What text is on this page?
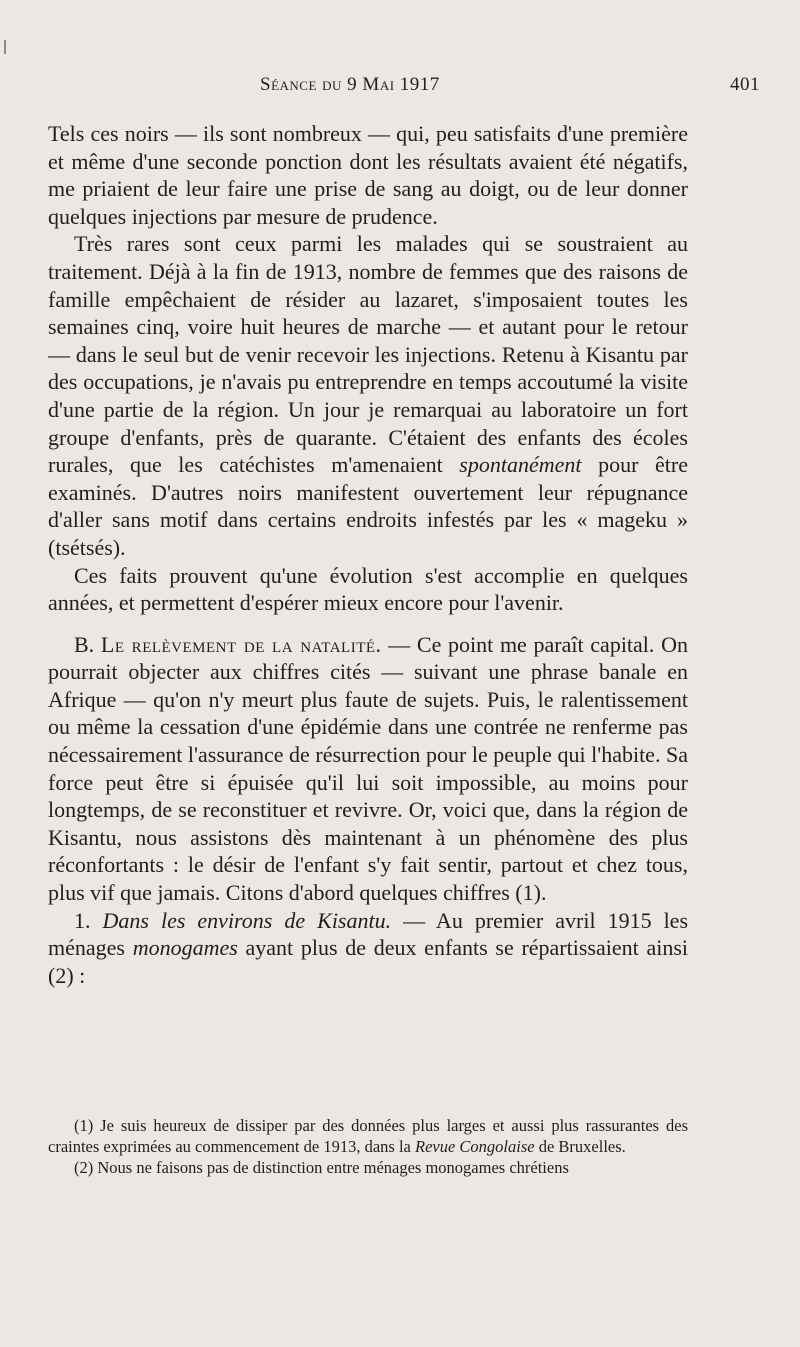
Séance du 9 Mai 1917	401

Tels ces noirs — ils sont nombreux — qui, peu satisfaits d'une première et même d'une seconde ponction dont les résultats avaient été négatifs, me priaient de leur faire une prise de sang au doigt, ou de leur donner quelques injections par mesure de prudence.

Très rares sont ceux parmi les malades qui se soustraient au traitement. Déjà à la fin de 1913, nombre de femmes que des raisons de famille empêchaient de résider au lazaret, s'imposaient toutes les semaines cinq, voire huit heures de marche — et autant pour le retour — dans le seul but de venir recevoir les injections. Retenu à Kisantu par des occupations, je n'avais pu entreprendre en temps accoutumé la visite d'une partie de la région. Un jour je remarquai au laboratoire un fort groupe d'enfants, près de quarante. C'étaient des enfants des écoles rurales, que les catéchistes m'amenaient spontanément pour être examinés. D'autres noirs manifestent ouvertement leur répugnance d'aller sans motif dans certains endroits infestés par les « mageku » (tsétsés).

Ces faits prouvent qu'une évolution s'est accomplie en quelques années, et permettent d'espérer mieux encore pour l'avenir.

B. Le relèvement de la natalité. — Ce point me paraît capital. On pourrait objecter aux chiffres cités — suivant une phrase banale en Afrique — qu'on n'y meurt plus faute de sujets. Puis, le ralentissement ou même la cessation d'une épidémie dans une contrée ne renferme pas nécessairement l'assurance de résurrection pour le peuple qui l'habite. Sa force peut être si épuisée qu'il lui soit impossible, au moins pour longtemps, de se reconstituer et revivre. Or, voici que, dans la région de Kisantu, nous assistons dès maintenant à un phénomène des plus réconfortants : le désir de l'enfant s'y fait sentir, partout et chez tous, plus vif que jamais. Citons d'abord quelques chiffres (1).

1. Dans les environs de Kisantu. — Au premier avril 1915 les ménages monogames ayant plus de deux enfants se répartissaient ainsi (2) :

(1) Je suis heureux de dissiper par des données plus larges et aussi plus rassurantes des craintes exprimées au commencement de 1913, dans la Revue Congolaise de Bruxelles.

(2) Nous ne faisons pas de distinction entre ménages monogames chrétiens
